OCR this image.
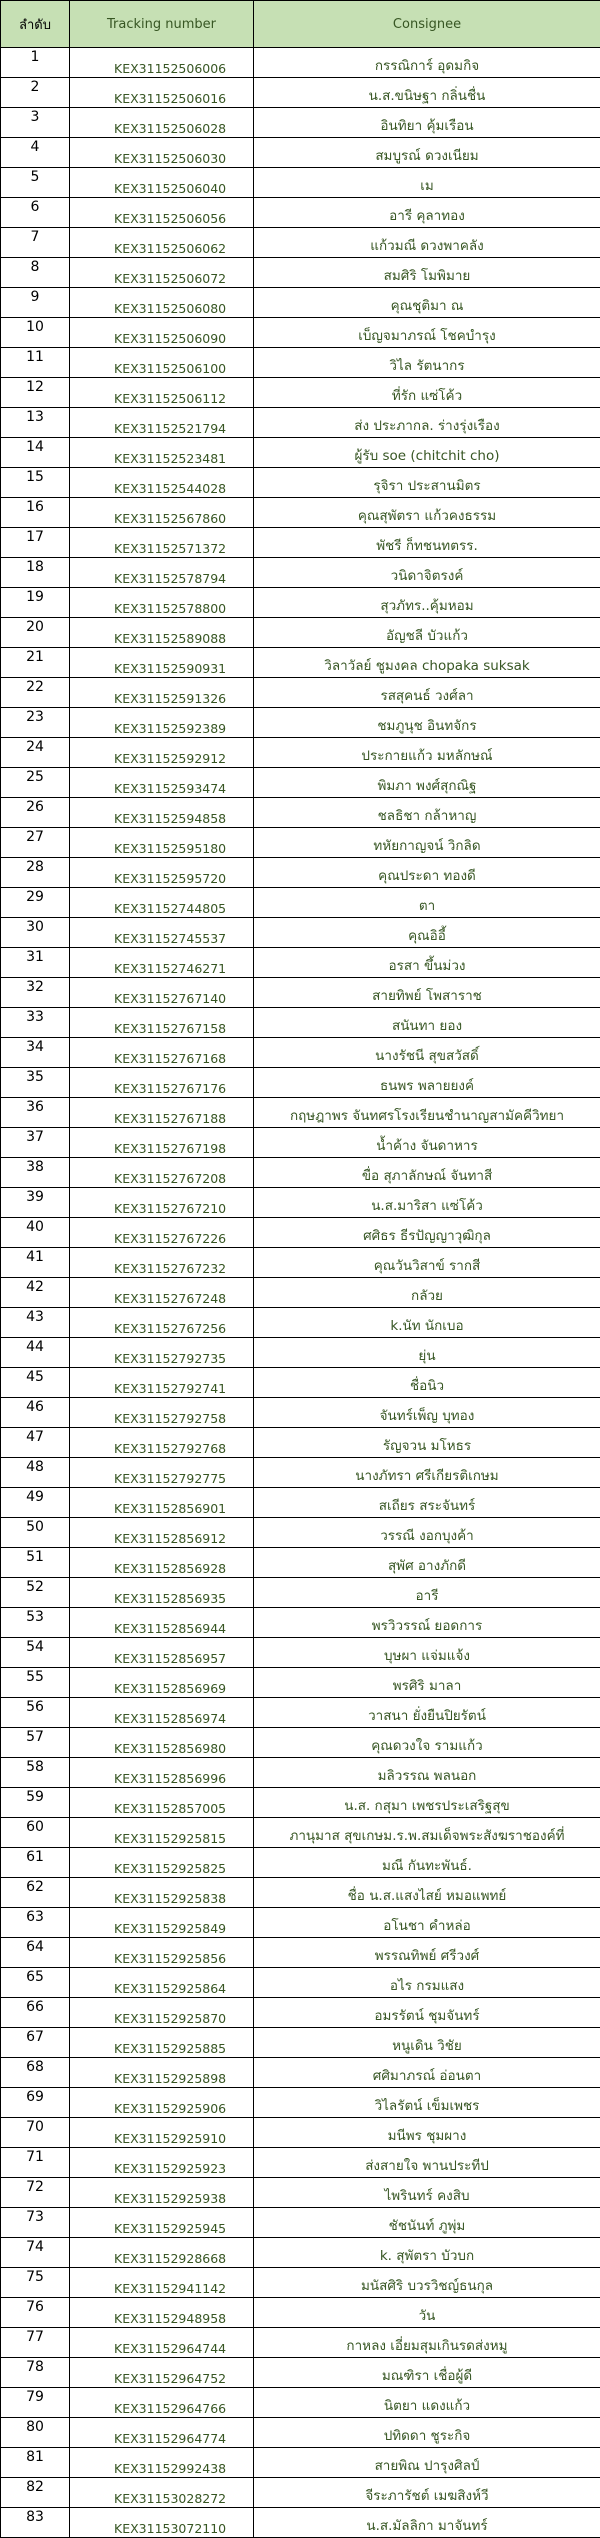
ลำดับ	Tracking number	Consignee
1	KEX31152506006	กรรณิการ์ อุดมกิจ
2	KEX31152506016	น.ส.ขนิษฐา กลิ่นชื่น
3	KEX31152506028	อินทิยา คุ้มเรือน
4	KEX31152506030	สมบูรณ์ ดวงเนียม
5	KEX31152506040	เม
6	KEX31152506056	อารี คุลาทอง
7	KEX31152506062	แก้วมณี ดวงพาคลัง
8	KEX31152506072	สมศิริ โมพิมาย
9	KEX31152506080	คุณชุติมา ณ
10	KEX31152506090	เบ็ญจมาภรณ์ โชคบำรุง
11	KEX31152506100	วิไล รัตนากร
12	KEX31152506112	ที่รัก แซ่โค้ว
13	KEX31152521794	ส่ง ประภากล. ร่างรุ่งเรือง
14	KEX31152523481	ผู้รับ soe (chitchit cho)
15	KEX31152544028	รุจิรา ประสานมิตร
16	KEX31152567860	คุณสุพัตรา แก้วคงธรรม
17	KEX31152571372	พัชรี ก็ทชนทตรร.
18	KEX31152578794	วนิดาจิตรงค์
19	KEX31152578800	สุวภัทร..คุ้มหอม
20	KEX31152589088	อัญชลี บัวแก้ว
21	KEX31152590931	วิลาวัลย์ ชูมงคล chopaka suksak
22	KEX31152591326	รสสุคนธ์ วงศ์ลา
23	KEX31152592389	ชมภูนุช อินทจักร
24	KEX31152592912	ประกายแก้ว มหลักษณ์
25	KEX31152593474	พิมภา พงศ์สุกณิฐ
26	KEX31152594858	ชลธิชา กล้าหาญ
27	KEX31152595180	ทหัยกาญจน์ วิกลิด
28	KEX31152595720	คุณประดา ทองดี
29	KEX31152744805	ตา
30	KEX31152745537	คุณอิอี้
31	KEX31152746271	อรสา ขึ้นม่วง
32	KEX31152767140	สายทิพย์ โพสาราช
33	KEX31152767158	สนันทา ยอง
34	KEX31152767168	นางรัชนี สุขสวัสดิ์
35	KEX31152767176	ธนพร พลายยงค์
36	KEX31152767188	กฤษฎาพร จันทศรโรงเรียนชำนาญสามัคคีวิทยา
37	KEX31152767198	น้ำค้าง จันดาหาร
38	KEX31152767208	ขื่อ สุภาลักษณ์ จันทาสี
39	KEX31152767210	น.ส.มาริสา แซ่โค้ว
40	KEX31152767226	ศศิธร ธีรปัญญาวุฒิกุล
41	KEX31152767232	คุณวันวิสาข์ รากสี
42	KEX31152767248	กลัวย
43	KEX31152767256	k.นัท นักเบอ
44	KEX31152792735	ยุ่น
45	KEX31152792741	ชื่อนิว
46	KEX31152792758	จันทร์เพ็ญ บุทอง
47	KEX31152792768	รัญจวน มโหธร
48	KEX31152792775	นางภัทรา ศรีเกียรติเกษม
49	KEX31152856901	สเถียร สระจันทร์
50	KEX31152856912	วรรณี งอกบุงค้า
51	KEX31152856928	สุพัศ อางภักดี
52	KEX31152856935	อารี
53	KEX31152856944	พรวิวรรณ์ ยอดการ
54	KEX31152856957	บุษผา แจ่มแจ้ง
55	KEX31152856969	พรศิริ มาลา
56	KEX31152856974	วาสนา ยั่งยืนปิยรัตน์
57	KEX31152856980	คุณดวงใจ รามแก้ว
58	KEX31152856996	มลิวรรณ พลนอก
59	KEX31152857005	น.ส. กสุมา เพชรประเสริฐสุข
60	KEX31152925815	ภานุมาส สุขเกษม.ร.พ.สมเด็จพระสังฆราชองค์ที่
61	KEX31152925825	มณี กันทะพันธ์.
62	KEX31152925838	ชื่อ น.ส.แสงไสย์ หมอแพทย์
63	KEX31152925849	อโนชา คำหล่อ
64	KEX31152925856	พรรณทิพย์ ศรีวงศ์
65	KEX31152925864	อไร กรมแสง
66	KEX31152925870	อมรรัตน์ ชุมจันทร์
67	KEX31152925885	หนูเดิน วิชัย
68	KEX31152925898	ศศิมาภรณ์ อ่อนตา
69	KEX31152925906	วิไลรัตน์ เข็มเพชร
70	KEX31152925910	มนีพร ชุมผาง
71	KEX31152925923	ส่งสายใจ พานประทีป
72	KEX31152925938	ไพรินทร์ คงสิบ
73	KEX31152925945	ชัชนันท์ ภูพุ่ม
74	KEX31152928668	k. สุพัตรา บัวบก
75	KEX31152941142	มนัสศิริ บวรวิชญ์ธนกุล
76	KEX31152948958	วัน
77	KEX31152964744	กาหลง เอี่ยมสุมเกินรดส่งหมู
78	KEX31152964752	มณฑิรา เชื่อผู้ดี
79	KEX31152964766	นิตยา แดงแก้ว
80	KEX31152964774	ปทิดดา ชูระกิจ
81	KEX31152992438	สายพิณ ปารุงศิลป์
82	KEX31153028272	จีระภารัชต์ เมฆสิงห์วี
83	KEX31153072110	น.ส.มัลลิกา มาจันทร์
